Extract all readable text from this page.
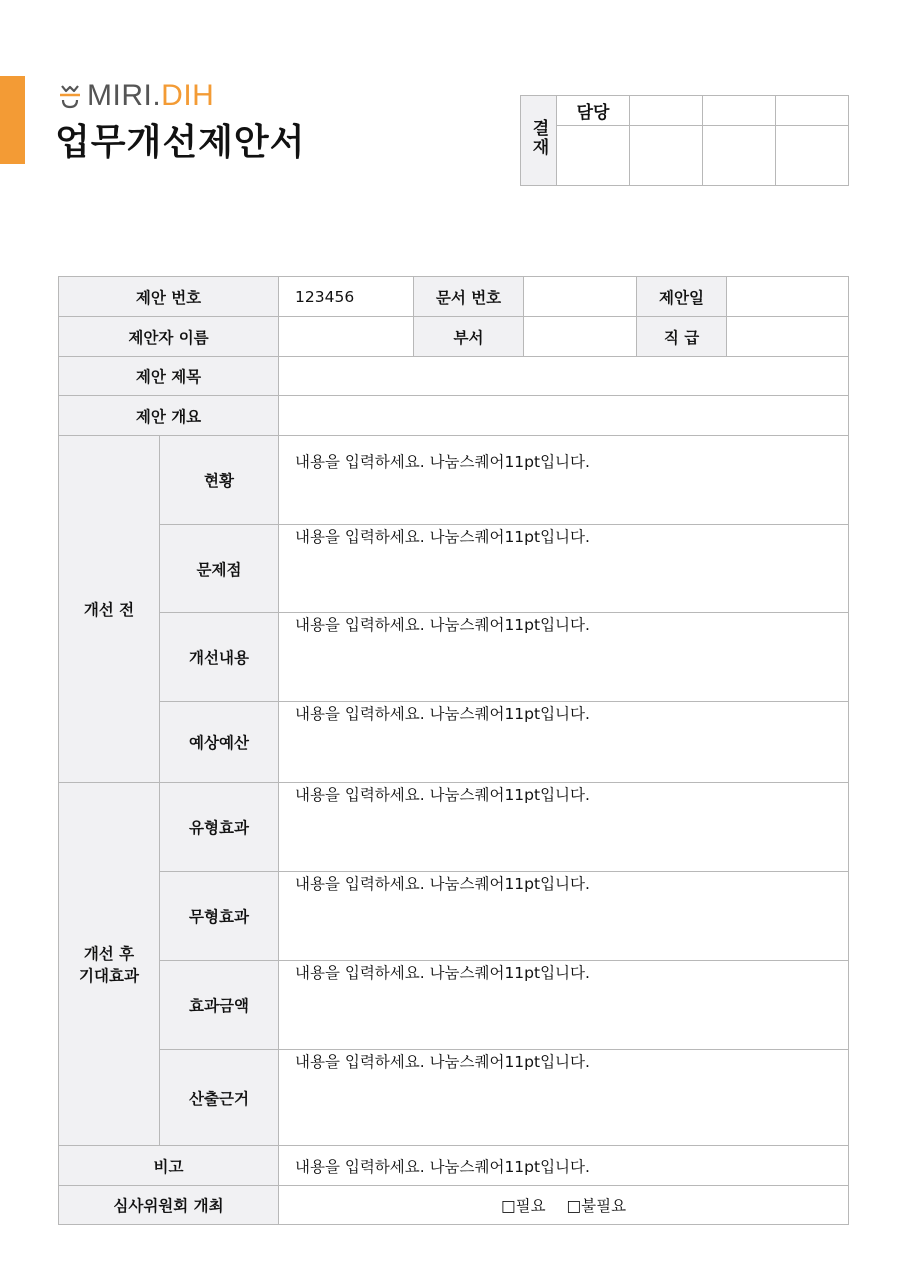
MIRI.DIH
업무개선제안서	결재	담당			

제안 번호		123456	문서 번호		제안일	
제안자 이름			부서		직 급	
제안 제목						
제안 개요						
개선 전	현황	내용을 입력하세요. 나눔스퀘어11pt입니다.				

	문제점	내용을 입력하세요. 나눔스퀘어11pt입니다.				

	개선내용	내용을 입력하세요. 나눔스퀘어11pt입니다.				

	예상예산	내용을 입력하세요. 나눔스퀘어11pt입니다.				

개선 후
기대효과	유형효과	내용을 입력하세요. 나눔스퀘어11pt입니다.				

	무형효과	내용을 입력하세요. 나눔스퀘어11pt입니다.				

	효과금액	내용을 입력하세요. 나눔스퀘어11pt입니다.				

	산출근거	내용을 입력하세요. 나눔스퀘어11pt입니다.				

비고		내용을 입력하세요. 나눔스퀘어11pt입니다.				
심사위원회 개최		□필요 □불필요				
